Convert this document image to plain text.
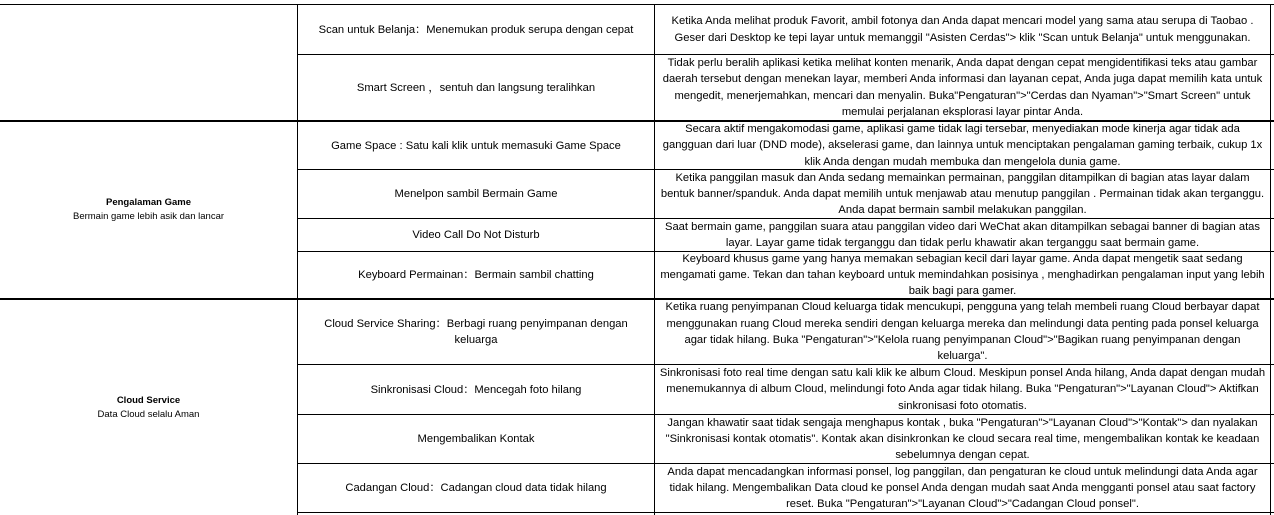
Pengalaman Game
Bermain game lebih asik dan lancar
Cloud Service
Data Cloud selalu Aman
Scan untuk Belanja：Menemukan produk serupa dengan cepat
Ketika Anda melihat produk Favorit, ambil fotonya dan Anda dapat mencari model yang sama atau serupa di Taobao . Geser dari Desktop ke tepi layar untuk memanggil "Asisten Cerdas"> klik "Scan untuk Belanja" untuk menggunakan.
Smart Screen ，sentuh dan langsung teralihkan
Tidak perlu beralih aplikasi ketika melihat konten menarik, Anda dapat dengan cepat mengidentifikasi teks atau gambar daerah tersebut dengan menekan layar, memberi Anda informasi dan layanan cepat, Anda juga dapat memilih kata untuk mengedit, menerjemahkan, mencari dan menyalin. Buka"Pengaturan">"Cerdas dan Nyaman">"Smart Screen" untuk memulai perjalanan eksplorasi layar pintar Anda.
Game Space : Satu kali klik untuk memasuki Game Space
Secara aktif mengakomodasi game, aplikasi game tidak lagi tersebar, menyediakan mode kinerja agar tidak ada gangguan dari luar (DND mode), akselerasi game, dan lainnya untuk menciptakan pengalaman gaming terbaik, cukup 1x klik Anda dengan mudah membuka dan mengelola dunia game.
Menelpon sambil Bermain Game
Ketika panggilan masuk dan Anda sedang memainkan permainan, panggilan ditampilkan di bagian atas layar dalam bentuk banner/spanduk. Anda dapat memilih untuk menjawab atau menutup panggilan . Permainan tidak akan terganggu. Anda dapat bermain sambil melakukan panggilan.
Video Call Do Not Disturb
Saat bermain game, panggilan suara atau panggilan video dari WeChat akan ditampilkan sebagai banner di bagian atas layar. Layar game tidak terganggu dan tidak perlu khawatir akan terganggu saat bermain game.
Keyboard Permainan：Bermain sambil chatting
Keyboard khusus game yang hanya memakan sebagian kecil dari layar game. Anda dapat mengetik saat sedang mengamati game. Tekan dan tahan keyboard untuk memindahkan posisinya , menghadirkan pengalaman input yang lebih baik bagi para gamer.
Cloud Service Sharing：Berbagi ruang penyimpanan dengan keluarga
Ketika ruang penyimpanan Cloud keluarga tidak mencukupi, pengguna yang telah membeli ruang Cloud berbayar dapat menggunakan ruang Cloud mereka sendiri dengan keluarga mereka dan melindungi data penting pada ponsel keluarga agar tidak hilang. Buka "Pengaturan">"Kelola ruang penyimpanan Cloud">"Bagikan ruang penyimpanan dengan keluarga".
Sinkronisasi Cloud：Mencegah foto hilang
Sinkronisasi foto real time dengan satu kali klik ke album Cloud. Meskipun ponsel Anda hilang, Anda dapat dengan mudah menemukannya di album Cloud, melindungi foto Anda agar tidak hilang. Buka "Pengaturan">"Layanan Cloud"> Aktifkan sinkronisasi foto otomatis.
Mengembalikan Kontak
Jangan khawatir saat tidak sengaja menghapus kontak , buka "Pengaturan">"Layanan Cloud">"Kontak"> dan nyalakan "Sinkronisasi kontak otomatis". Kontak akan disinkronkan ke cloud secara real time, mengembalikan kontak ke keadaan sebelumnya dengan cepat.
Cadangan Cloud：Cadangan cloud data tidak hilang
Anda dapat mencadangkan informasi ponsel, log panggilan, dan pengaturan ke cloud untuk melindungi data Anda agar tidak hilang. Mengembalikan Data cloud ke ponsel Anda dengan mudah saat Anda mengganti ponsel atau saat factory reset. Buka "Pengaturan">"Layanan Cloud">"Cadangan Cloud ponsel".
